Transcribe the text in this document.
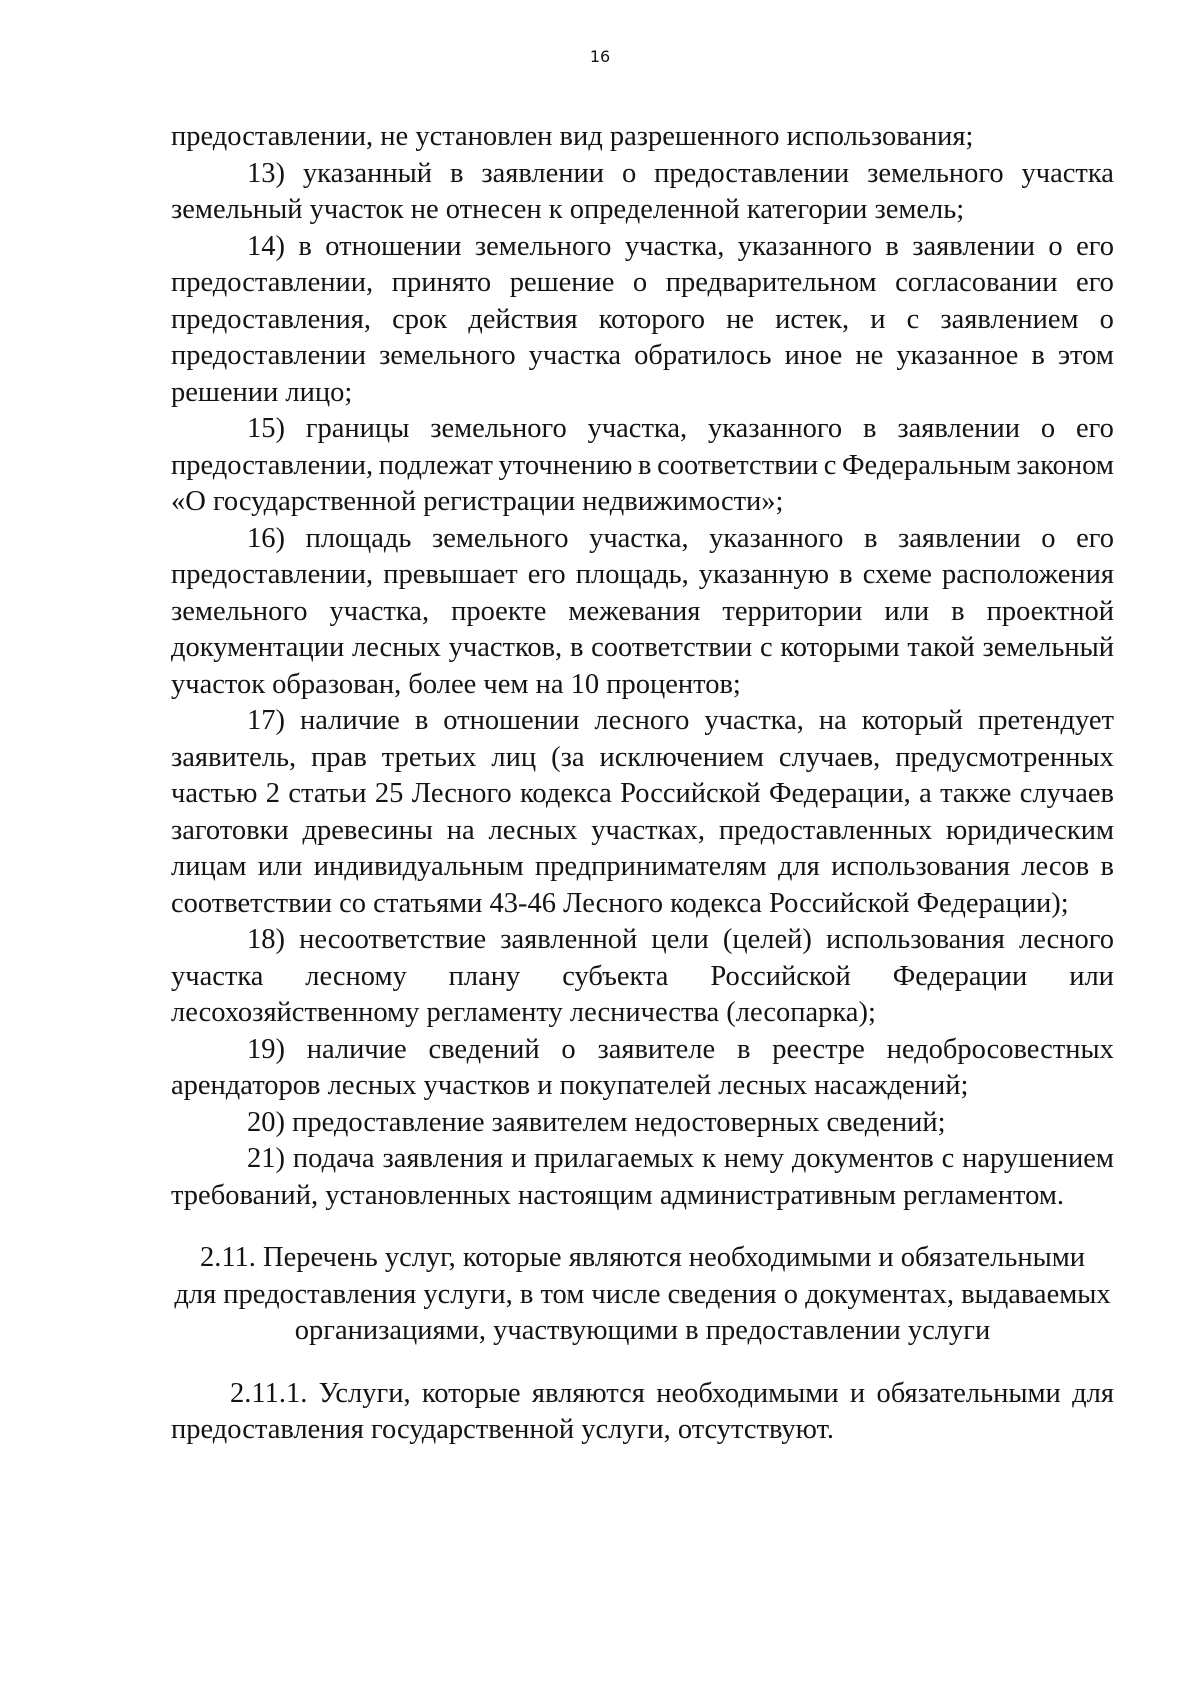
16
предоставлении, не установлен вид разрешенного использования;
13) указанный в заявлении о предоставлении земельного участка
земельный участок не отнесен к определенной категории земель;
14) в отношении земельного участка, указанного в заявлении о его
предоставлении, принято решение о предварительном согласовании его
предоставления, срок действия которого не истек, и с заявлением о
предоставлении земельного участка обратилось иное не указанное в этом
решении лицо;
15) границы земельного участка, указанного в заявлении о его
предоставлении, подлежат уточнению в соответствии с Федеральным законом
«О государственной регистрации недвижимости»;
16) площадь земельного участка, указанного в заявлении о его
предоставлении, превышает его площадь, указанную в схеме расположения
земельного участка, проекте межевания территории или в проектной
документации лесных участков, в соответствии с которыми такой земельный
участок образован, более чем на 10 процентов;
17) наличие в отношении лесного участка, на который претендует
заявитель, прав третьих лиц (за исключением случаев, предусмотренных
частью 2 статьи 25 Лесного кодекса Российской Федерации, а также случаев
заготовки древесины на лесных участках, предоставленных юридическим
лицам или индивидуальным предпринимателям для использования лесов в
соответствии со статьями 43-46 Лесного кодекса Российской Федерации);
18) несоответствие заявленной цели (целей) использования лесного
участка лесному плану субъекта Российской Федерации или
лесохозяйственному регламенту лесничества (лесопарка);
19) наличие сведений о заявителе в реестре недобросовестных
арендаторов лесных участков и покупателей лесных насаждений;
20) предоставление заявителем недостоверных сведений;
21) подача заявления и прилагаемых к нему документов с нарушением
требований, установленных настоящим административным регламентом.
2.11. Перечень услуг, которые являются необходимыми и обязательными
для предоставления услуги, в том числе сведения о документах, выдаваемых
организациями, участвующими в предоставлении услуги
2.11.1. Услуги, которые являются необходимыми и обязательными для
предоставления государственной услуги, отсутствуют.
